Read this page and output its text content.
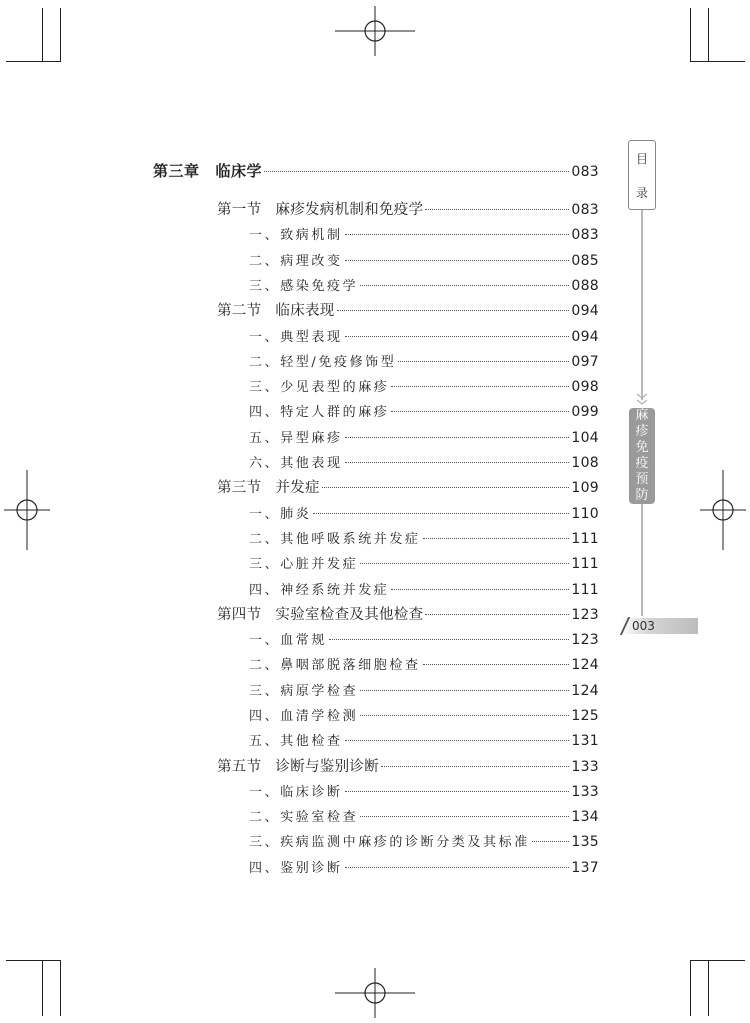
目
录
麻
疹
免
疫
预
防
003
第三章 临床学	083
第一节 麻疹发病机制和免疫学	083
一、致病机制	083
二、病理改变	085
三、感染免疫学	088
第二节 临床表现	094
一、典型表现	094
二、轻型/免疫修饰型	097
三、少见表型的麻疹	098
四、特定人群的麻疹	099
五、异型麻疹	104
六、其他表现	108
第三节 并发症	109
一、肺炎	110
二、其他呼吸系统并发症	111
三、心脏并发症	111
四、神经系统并发症	111
第四节 实验室检查及其他检查	123
一、血常规	123
二、鼻咽部脱落细胞检查	124
三、病原学检查	124
四、血清学检测	125
五、其他检查	131
第五节 诊断与鉴别诊断	133
一、临床诊断	133
二、实验室检查	134
三、疾病监测中麻疹的诊断分类及其标准	135
四、鉴别诊断	137
